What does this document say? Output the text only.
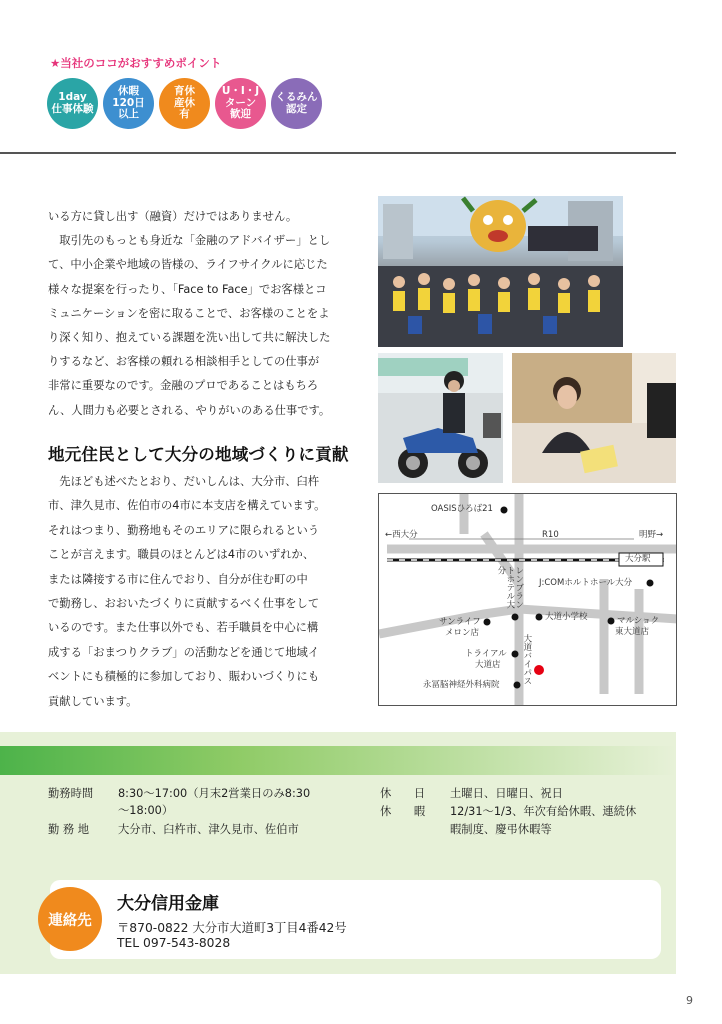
★当社のココがおすすめポイント
1day
仕事体験
休暇
120日
以上
育休
産休
有
U・I・J
ターン
歓迎
くるみん
認定

いる方に貸し出す（融資）だけではありません。

取引先のもっとも身近な「金融のアドバイザー」とし

て、中小企業や地域の皆様の、ライフサイクルに応じた

様々な提案を行ったり、「Face to Face」でお客様とコ

ミュニケーションを密に取ることで、お客様のことをよ

り深く知り、抱えている課題を洗い出して共に解決した

りするなど、お客様の頼れる相談相手としての仕事が

非常に重要なのです。金融のプロであることはもちろ

ん、人間力も必要とされる、やりがいのある仕事です。

地元住民として大分の地域づくりに貢献

先ほども述べたとおり、だいしんは、大分市、臼杵

市、津久見市、佐伯市の4市に本支店を構えています。

それはつまり、勤務地もそのエリアに限られるという

ことが言えます。職員のほとんどは4市のいずれか、

または隣接する市に住んでおり、自分が住む町の中

で勤務し、おおいたづくりに貢献するべく仕事をして

いるのです。また仕事以外でも、若手職員を中心に構

成する「おまつりクラブ」の活動などを通じて地域イ

ベントにも積極的に参加しており、賑わいづくりにも

貢献しています。

OASISひろば21
←西大分	R10	明野→
大分駅
レンブラントホテル大分
J:COMホルトホール大分
大道小学校
サンライフ
メロン店
マルショク
東大道店
大道バイパス
トライアル
大道店
永冨脳神経外科病院
勤務時間 8:30～17:00（月末2営業日のみ8:30
～18:00）
勤 務 地	大分市、臼杵市、津久見市、佐伯市
休　　日 土曜日、日曜日、祝日
休　　暇 12/31～1/3、年次有給休暇、連続休
暇制度、慶弔休暇等
連絡先
大分信用金庫
〒870-0822 大分市大道町3丁目4番42号
TEL 097-543-8028
9
